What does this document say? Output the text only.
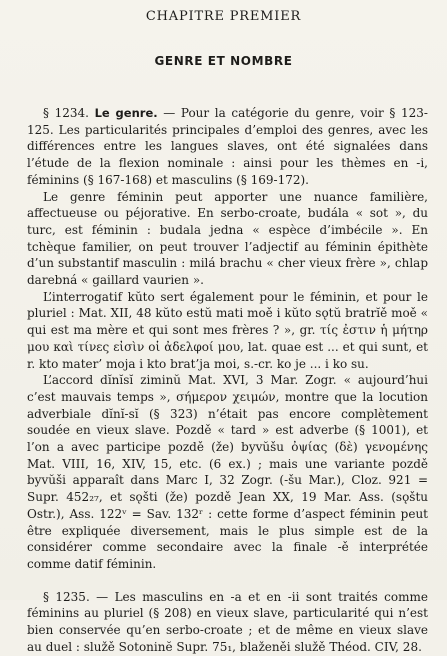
CHAPITRE PREMIER
GENRE ET NOMBRE

§ 1234. Le genre. — Pour la catégorie du genre, voir § 123-125. Les particularités principales d’emploi des genres, avec les différences entre les langues slaves, ont été signalées dans l’étude de la flexion nominale : ainsi pour les thèmes en -i, féminins (§ 167-168) et masculins (§ 169-172).

Le genre féminin peut apporter une nuance familière, affectueuse ou péjorative. En serbo-croate, budála « sot », du turc, est féminin : budala jedna « espèce d’imbécile ». En tchèque familier, on peut trouver l’adjectif au féminin épithète d’un substantif masculin : milá brachu « cher vieux frère », chlap darebná « gaillard vaurien ».

L’interrogatif kŭto sert également pour le féminin, et pour le pluriel : Mat. XII, 48 kŭto estŭ mati moě i kŭto sǫtŭ bratrĭě moě « qui est ma mère et qui sont mes frères ? », gr. τίς ἐστιν ἡ μήτηρ μου καὶ τίνες εἰσὶν οἱ ἀδελφοί μου, lat. quae est ... et qui sunt, et r. kto mater’ moja i kto brat’ja moi, s.-cr. ko je ... i ko su.

L’accord dĭnĭsĭ ziminŭ Mat. XVI, 3 Mar. Zogr. « aujourd’hui c’est mauvais temps », σήμερον χειμών, montre que la locution adverbiale dĭnĭ-sĭ (§ 323) n’était pas encore complètement soudée en vieux slave. Pozdě « tard » est adverbe (§ 1001), et l’on a avec participe pozdě (že) byvŭšu ὀψίας (δὲ) γενομένης Mat. VIII, 16, XIV, 15, etc. (6 ex.) ; mais une variante pozdě byvŭši apparaît dans Marc I, 32 Zogr. (-šu Mar.), Cloz. 921 = Supr. 452₂₇, et sǫšti (že) pozdě Jean XX, 19 Mar. Ass. (sǫštu Ostr.), Ass. 122ᵛ = Sav. 132ʳ : cette forme d’aspect féminin peut être expliquée diversement, mais le plus simple est de la considérer comme secondaire avec la finale -ě interprétée comme datif féminin.

§ 1235. — Les masculins en -a et en -ii sont traités comme féminins au pluriel (§ 208) en vieux slave, particularité qui n’est bien conservée qu’en serbo-croate ; et de même en vieux slave au duel : služě Sotoninĕ Supr. 75₁, blaženěi služě Théod. CIV, 28.
